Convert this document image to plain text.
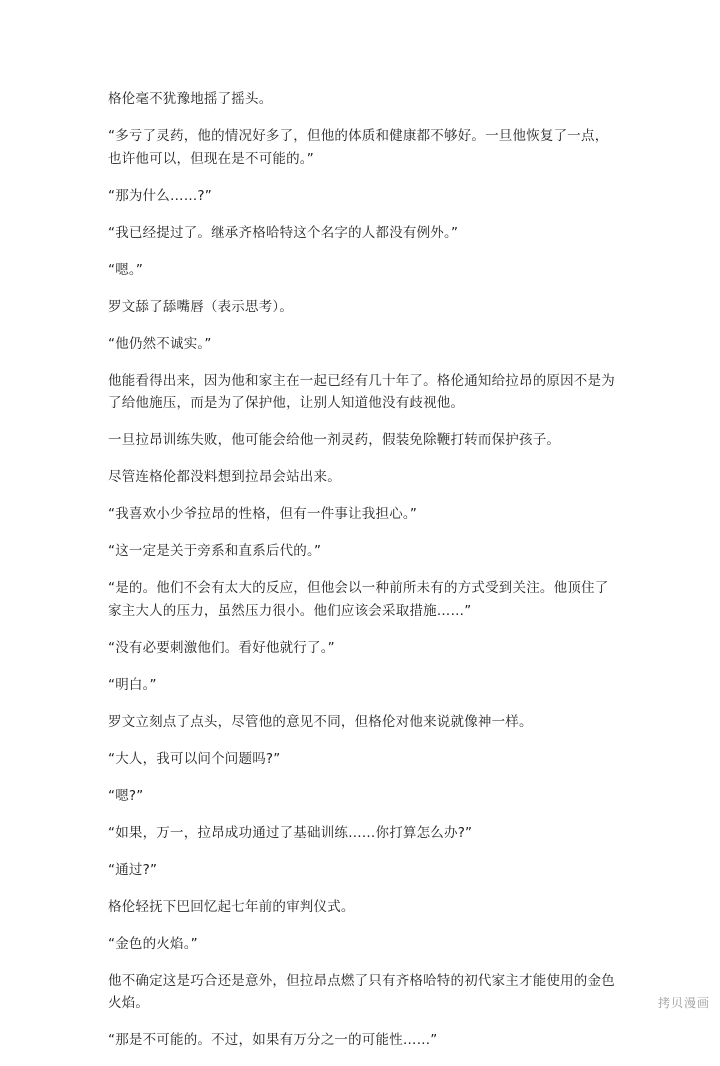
格伦毫不犹豫地摇了摇头。

“多亏了灵药，他的情况好多了，但他的体质和健康都不够好。一旦他恢复了一点，也许他可以，但现在是不可能的。”

“那为什么……?”

“我已经提过了。继承齐格哈特这个名字的人都没有例外。”

“嗯。”

罗文舔了舔嘴唇（表示思考）。

“他仍然不诚实。”

他能看得出来，因为他和家主在一起已经有几十年了。格伦通知给拉昂的原因不是为了给他施压，而是为了保护他，让别人知道他没有歧视他。

一旦拉昂训练失败，他可能会给他一剂灵药，假装免除鞭打转而保护孩子。

尽管连格伦都没料想到拉昂会站出来。

“我喜欢小少爷拉昂的性格，但有一件事让我担心。”

“这一定是关于旁系和直系后代的。”

“是的。他们不会有太大的反应，但他会以一种前所未有的方式受到关注。他顶住了家主大人的压力，虽然压力很小。他们应该会采取措施……”

“没有必要刺激他们。看好他就行了。”

“明白。”

罗文立刻点了点头，尽管他的意见不同，但格伦对他来说就像神一样。

“大人，我可以问个问题吗?”

“嗯?”

“如果，万一，拉昂成功通过了基础训练……你打算怎么办?”

“通过?”

格伦轻抚下巴回忆起七年前的审判仪式。

“金色的火焰。”

他不确定这是巧合还是意外，但拉昂点燃了只有齐格哈特的初代家主才能使用的金色火焰。

“那是不可能的。不过，如果有万分之一的可能性……”

拷贝漫画
